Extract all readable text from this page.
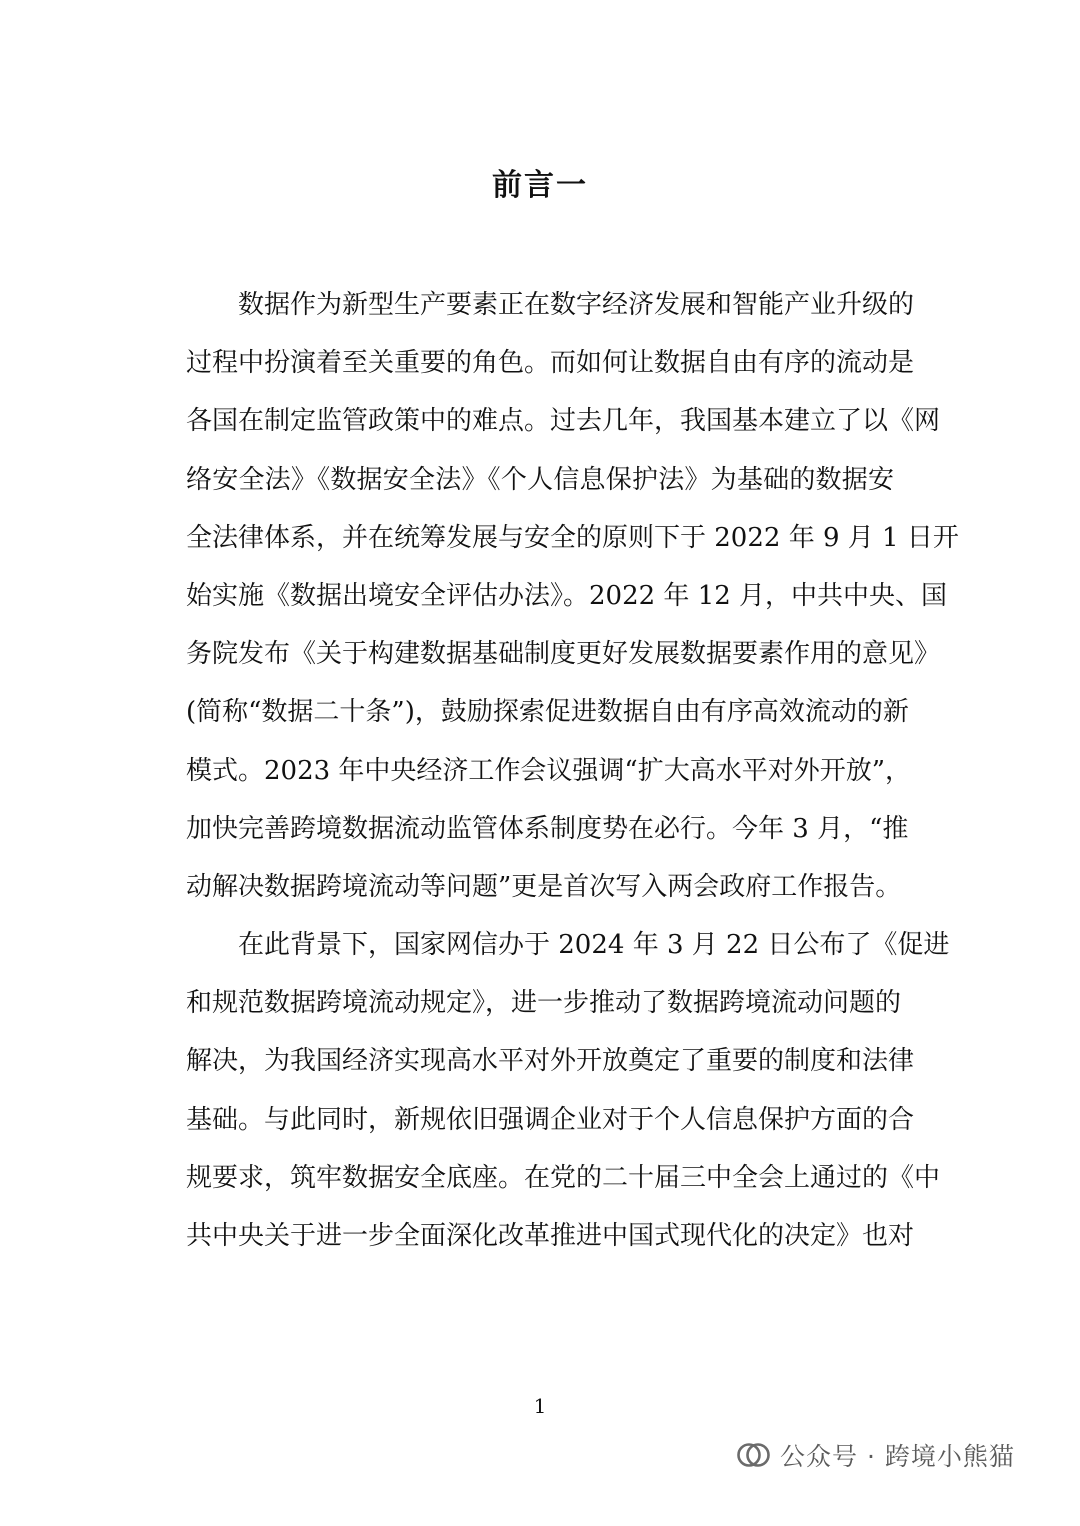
前言一
数据作为新型生产要素正在数字经济发展和智能产业升级的
过程中扮演着至关重要的角色。而如何让数据自由有序的流动是
各国在制定监管政策中的难点。过去几年，我国基本建立了以《网
络安全法》《数据安全法》《个人信息保护法》为基础的数据安
全法律体系，并在统筹发展与安全的原则下于 2022 年 9 月 1 日开
始实施《数据出境安全评估办法》。2022 年 12 月，中共中央、国
务院发布《关于构建数据基础制度更好发展数据要素作用的意见》
(简称“数据二十条”)，鼓励探索促进数据自由有序高效流动的新
模式。2023 年中央经济工作会议强调“扩大高水平对外开放”，
加快完善跨境数据流动监管体系制度势在必行。今年 3 月，“推
动解决数据跨境流动等问题”更是首次写入两会政府工作报告。
在此背景下，国家网信办于 2024 年 3 月 22 日公布了《促进
和规范数据跨境流动规定》，进一步推动了数据跨境流动问题的
解决，为我国经济实现高水平对外开放奠定了重要的制度和法律
基础。与此同时，新规依旧强调企业对于个人信息保护方面的合
规要求，筑牢数据安全底座。在党的二十届三中全会上通过的《中
共中央关于进一步全面深化改革推进中国式现代化的决定》也对
1
公众号 · 跨境小熊猫
